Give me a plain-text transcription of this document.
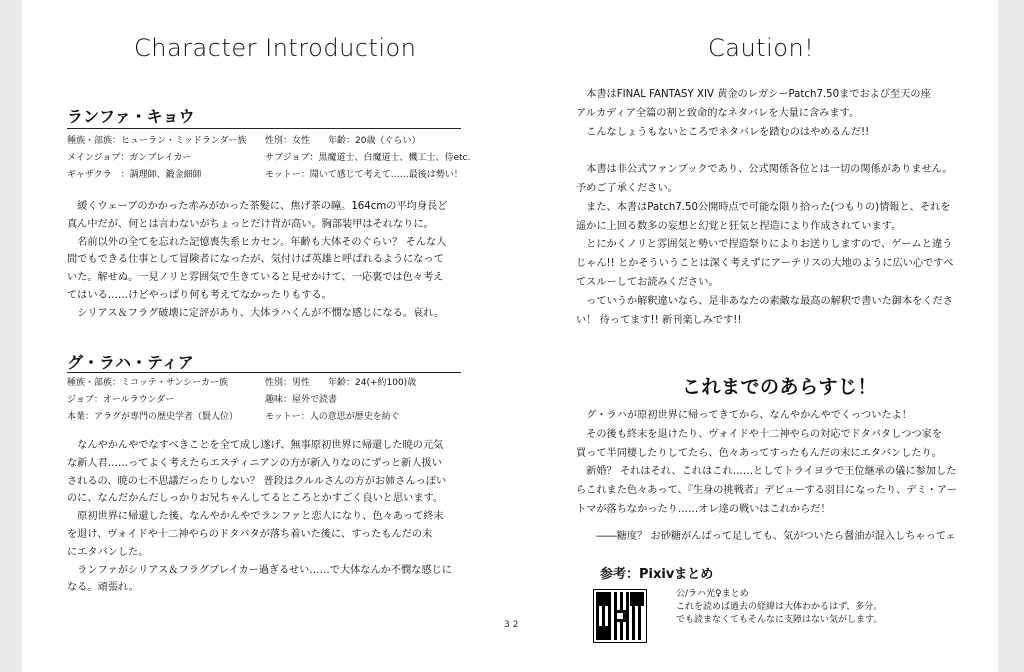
Character Introduction
ランファ・キョウ
種族・部族：ヒューラン・ミッドランダー族
メインジョブ：ガンブレイカー
ギャザクラ　：調理師、鍛金細師
性別：女性　　年齢：20歳（ぐらい）
サブジョブ：黒魔道士、白魔道士、機工士、侍etc.
モットー：聞いて感じて考えて……最後は勢い！
　緩くウェーブのかかった赤みがかった茶髪に、焦げ茶の瞳。164cmの平均身長ど
真ん中だが、何とは言わないがちょっとだけ背が高い。胸部装甲はそれなりに。
　名前以外の全てを忘れた記憶喪失系ヒカセン。年齢も大体そのぐらい？ そんな人
間でもできる仕事として冒険者になったが、気付けば英雄と呼ばれるようになって
いた。解せぬ。一見ノリと雰囲気で生きていると見せかけて、一応裏では色々考え
てはいる……けどやっぱり何も考えてなかったりもする。
　シリアス＆フラグ破壊に定評があり、大体ラハくんが不憫な感じになる。哀れ。
グ・ラハ・ティア
種族・部族：ミコッテ・サンシーカー族
ジョブ：オールラウンダー
本業：アラグが専門の歴史学者（賢人位）
性別：男性　　年齢：24(+約100)歳
趣味：屋外で読書
モットー：人の意思が歴史を紡ぐ
　なんやかんやでなすべきことを全て成し遂げ、無事原初世界に帰還した暁の元気
な新人君……ってよく考えたらエスティニアンの方が新入りなのにずっと新人扱い
されるの、暁の七不思議だったりしない？ 普段はクルルさんの方がお姉さんっぽい
のに、なんだかんだしっかりお兄ちゃんしてるところとかすごく良いと思います。
　原初世界に帰還した後、なんやかんやでランファと恋人になり、色々あって終末
を退け、ヴォイドや十二神やらのドタバタが落ち着いた後に、すったもんだの末
にエタバンした。
　ランファがシリアス＆フラグブレイカー過ぎるせい……で大体なんか不憫な感じに
なる。頑張れ。
Caution!
　本書はFINAL FANTASY XIV 黄金のレガシーPatch7.50までおよび至天の座
アルカディア全篇の割と致命的なネタバレを大量に含みます。
　こんなしょうもないところでネタバレを踏むのはやめるんだ!!
　本書は非公式ファンブックであり、公式関係各位とは一切の関係がありません。
予めご了承ください。
　また、本書はPatch7.50公開時点で可能な限り拾った(つもりの)情報と、それを
遥かに上回る数多の妄想と幻覚と狂気と捏造により作成されています。
　とにかくノリと雰囲気と勢いで捏造祭りによりお送りしますので、ゲームと違う
じゃん!! とかそういうことは深く考えずにアーテリスの大地のように広い心ですべ
てスルーしてお読みください。
　っていうか解釈違いなら、是非あなたの素敵な最高の解釈で書いた御本をくださ
い！ 待ってます!! 新刊楽しみです!!
これまでのあらすじ！
　グ・ラハが原初世界に帰ってきてから、なんやかんやでくっついたよ！
　その後も終末を退けたり、ヴォイドや十二神やらの対応でドタバタしつつ家を
買って半同棲したりしてたら、色々あってすったもんだの末にエタバンしたり。
　新婚？ それはそれ、これはこれ……としてトライヨラで王位継承の儀に参加した
らこれまた色々あって、『生身の挑戦者』デビューする羽目になったり、デミ・アー
トマが落ちなかったり……オレ達の戦いはこれからだ！
　　――糖度？ お砂糖がんばって足しても、気がついたら醤油が混入しちゃってェ
参考：Pixivまとめ
32
公/ラハ光♀まとめ
これを読めば過去の経緯は大体わかるはず、多分。
でも読まなくてもそんなに支障はない気がします。
